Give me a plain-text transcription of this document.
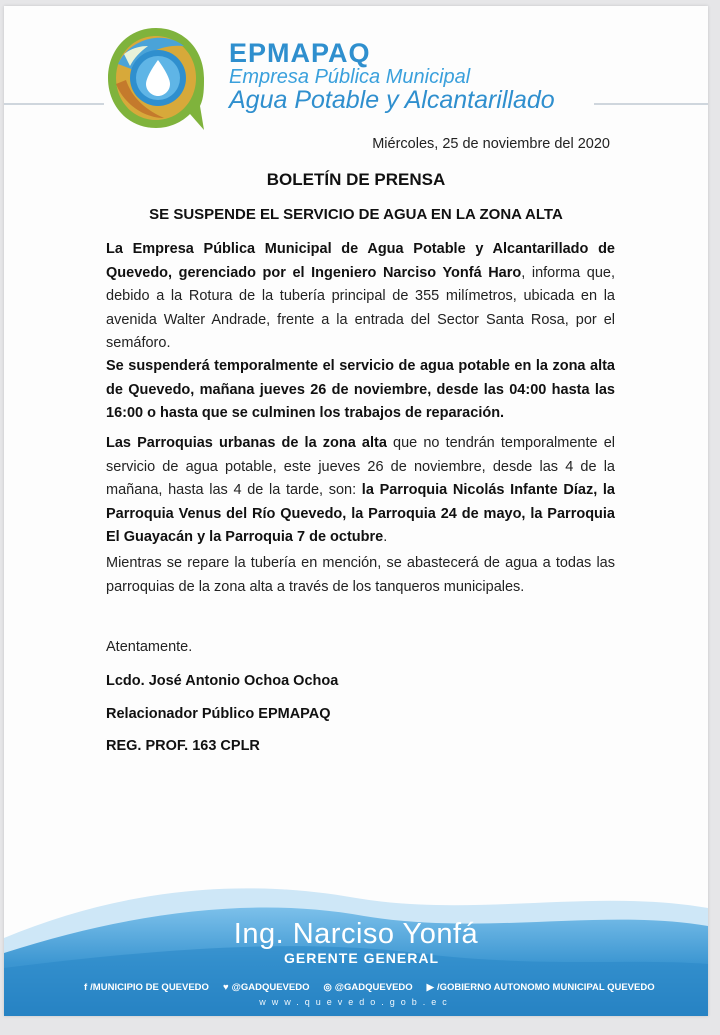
EPMAPAQ
Empresa Pública Municipal
Agua Potable y Alcantarillado
Miércoles, 25 de noviembre del 2020
BOLETÍN DE PRENSA
SE SUSPENDE EL SERVICIO DE AGUA EN LA ZONA ALTA
La Empresa Pública Municipal de Agua Potable y Alcantarillado de Quevedo, gerenciado por el Ingeniero Narciso Yonfá Haro, informa que, debido a la Rotura de la tubería principal de 355 milímetros, ubicada en la avenida Walter Andrade, frente a la entrada del Sector Santa Rosa, por el semáforo.
Se suspenderá temporalmente el servicio de agua potable en la zona alta de Quevedo, mañana jueves 26 de noviembre, desde las 04:00 hasta las 16:00 o hasta que se culminen los trabajos de reparación.
Las Parroquias urbanas de la zona alta que no tendrán temporalmente el servicio de agua potable, este jueves 26 de noviembre, desde las 4 de la mañana, hasta las 4 de la tarde, son: la Parroquia Nicolás Infante Díaz, la Parroquia Venus del Río Quevedo, la Parroquia 24 de mayo, la Parroquia El Guayacán y la Parroquia 7 de octubre.
Mientras se repare la tubería en mención, se abastecerá de agua a todas las parroquias de la zona alta a través de los tanqueros municipales.
Atentamente.
Lcdo. José Antonio Ochoa Ochoa
Relacionador Público EPMAPAQ
REG. PROF. 163 CPLR
Ing. Narciso Yonfá
GERENTE GENERAL
f /MUNICIPIO DE QUEVEDO ♥ @GADQUEVEDO ◎ @GADQUEVEDO ▶ /GOBIERNO AUTONOMO MUNICIPAL QUEVEDO
www.quevedo.gob.ec
